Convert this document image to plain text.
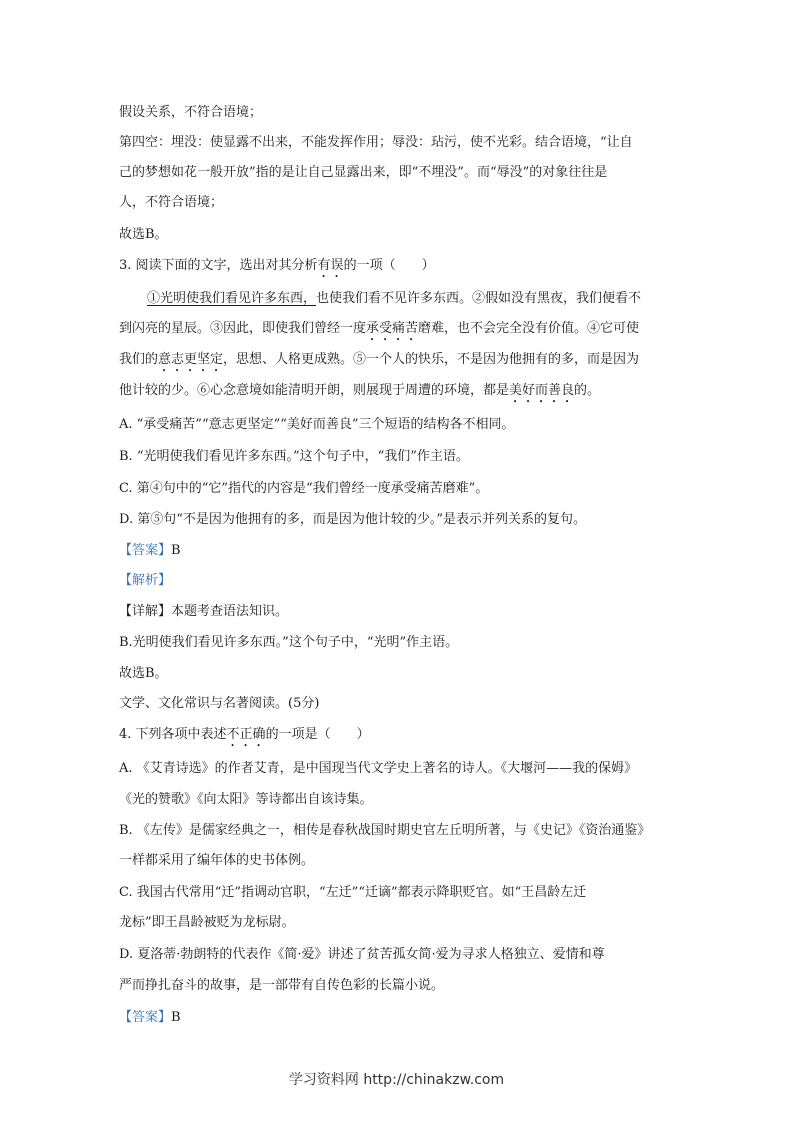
假设关系，不符合语境；
第四空：埋没：使显露不出来，不能发挥作用；辱没：玷污，使不光彩。结合语境，“让自
己的梦想如花一般开放”指的是让自己显露出来，即“不埋没”。而“辱没”的对象往往是
人，不符合语境；
故选B。
3. 阅读下面的文字，选出对其分析有误的一项（　　）
①光明使我们看见许多东西，也使我们看不见许多东西。②假如没有黑夜，我们便看不
到闪亮的星辰。③因此，即使我们曾经一度承受痛苦磨难，也不会完全没有价值。④它可使
我们的意志更坚定，思想、人格更成熟。⑤一个人的快乐，不是因为他拥有的多，而是因为
他计较的少。⑥心念意境如能清明开朗，则展现于周遭的环境，都是美好而善良的。
A. “承受痛苦”“意志更坚定”“美好而善良”三个短语的结构各不相同。
B. “光明使我们看见许多东西。”这个句子中，“我们”作主语。
C. 第④句中的“它”指代的内容是“我们曾经一度承受痛苦磨难”。
D. 第⑤句“不是因为他拥有的多，而是因为他计较的少。”是表示并列关系的复句。
【答案】B
【解析】
【详解】本题考查语法知识。
B.光明使我们看见许多东西。”这个句子中，“光明”作主语。
故选B。
文学、文化常识与名著阅读。(5分)
4. 下列各项中表述不正确的一项是（　　）
A. 《艾青诗选》的作者艾青，是中国现当代文学史上著名的诗人。《大堰河——我的保姆》
《光的赞歌》《向太阳》等诗都出自该诗集。
B. 《左传》是儒家经典之一，相传是春秋战国时期史官左丘明所著，与《史记》《资治通鉴》
一样都采用了编年体的史书体例。
C. 我国古代常用“迁”指调动官职，“左迁”“迁谪”都表示降职贬官。如“王昌龄左迁
龙标”即王昌龄被贬为龙标尉。
D. 夏洛蒂·勃朗特的代表作《简·爱》讲述了贫苦孤女简·爱为寻求人格独立、爱情和尊
严而挣扎奋斗的故事，是一部带有自传色彩的长篇小说。
【答案】B
学习资料网 http://chinakzw.com
